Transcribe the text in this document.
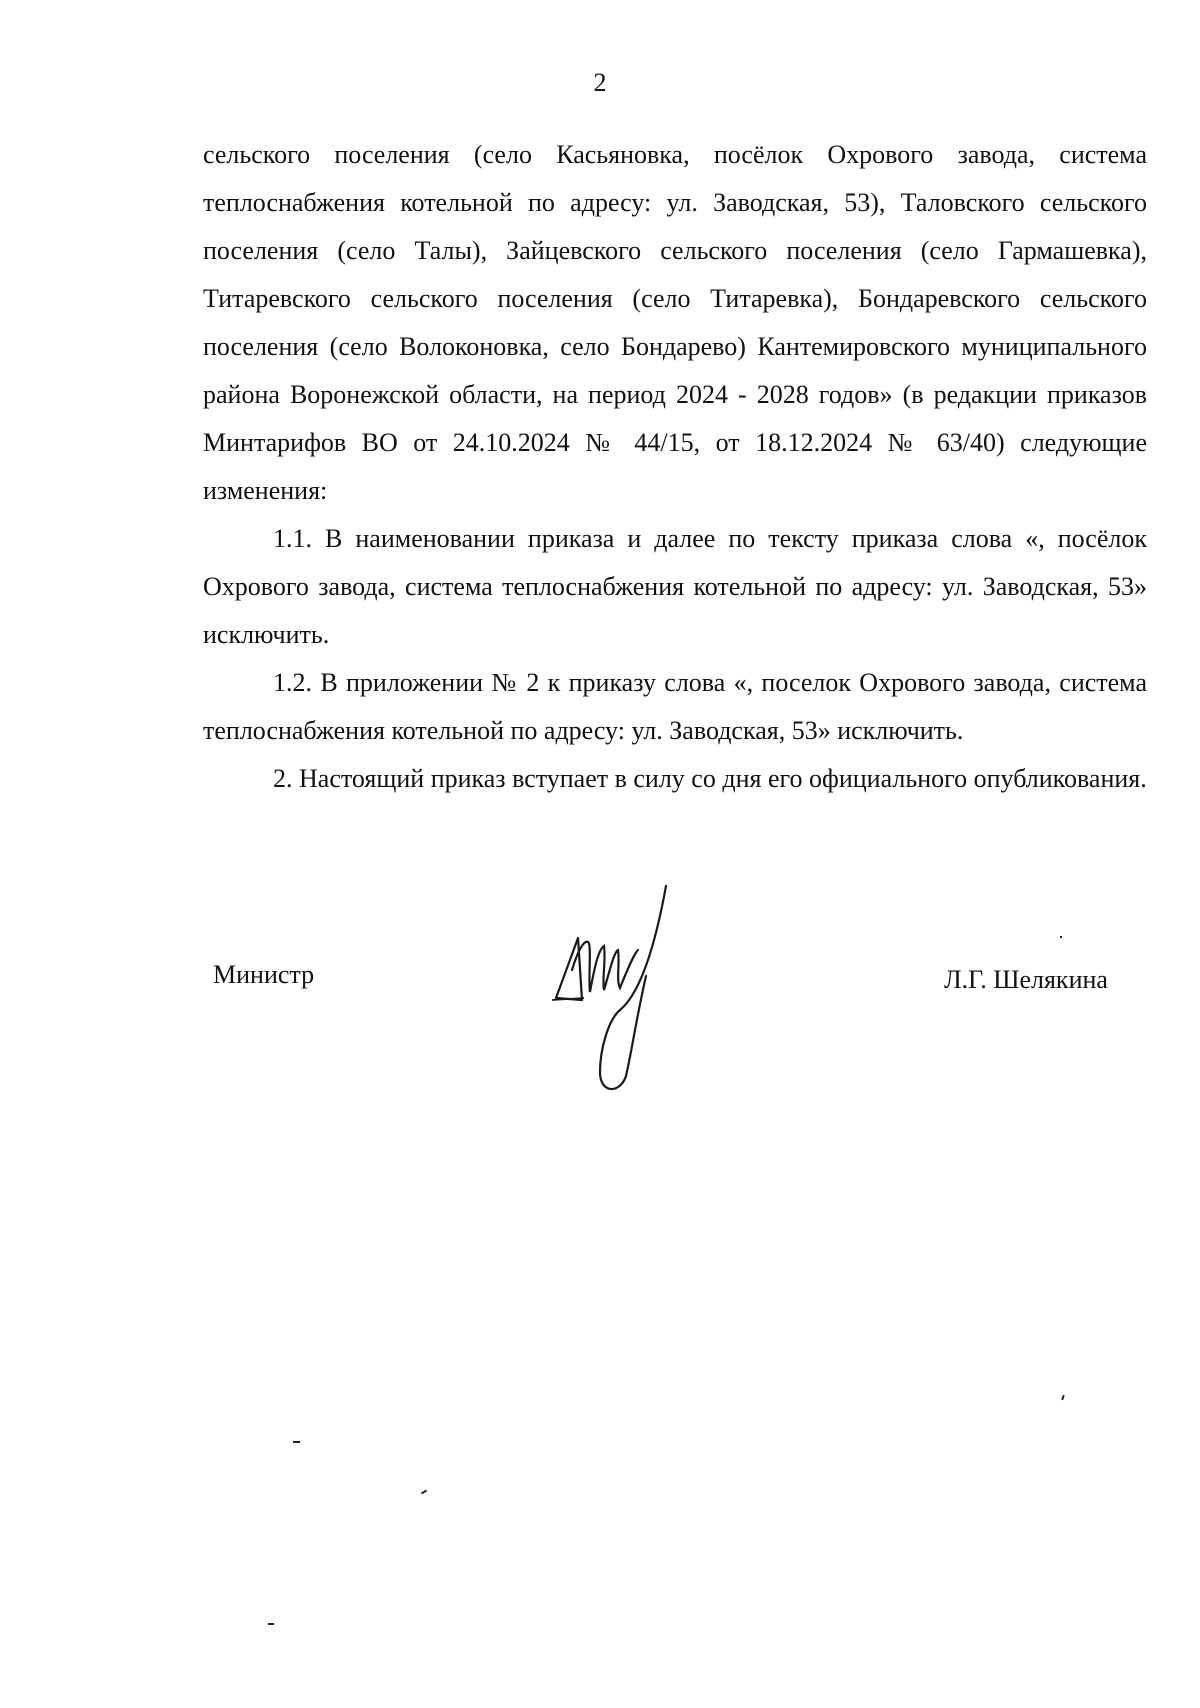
2

сельского поселения (село Касьяновка, посёлок Охрового завода, система теплоснабжения котельной по адресу: ул. Заводская, 53), Таловского сельского поселения (село Талы), Зайцевского сельского поселения (село Гармашевка), Титаревского сельского поселения (село Титаревка), Бондаревского сельского поселения (село Волоконовка, село Бондарево) Кантемировского муниципального района Воронежской области, на период 2024 - 2028 годов» (в редакции приказов Минтарифов ВО от 24.10.2024 № 44/15, от 18.12.2024 № 63/40) следующие изменения:

1.1. В наименовании приказа и далее по тексту приказа слова «, посёлок Охрового завода, система теплоснабжения котельной по адресу: ул. Заводская, 53» исключить.

1.2. В приложении № 2 к приказу слова «, поселок Охрового завода, система теплоснабжения котельной по адресу: ул. Заводская, 53» исключить.

2. Настоящий приказ вступает в силу со дня его официального опубликования.

Министр	Л.Г. Шелякина
